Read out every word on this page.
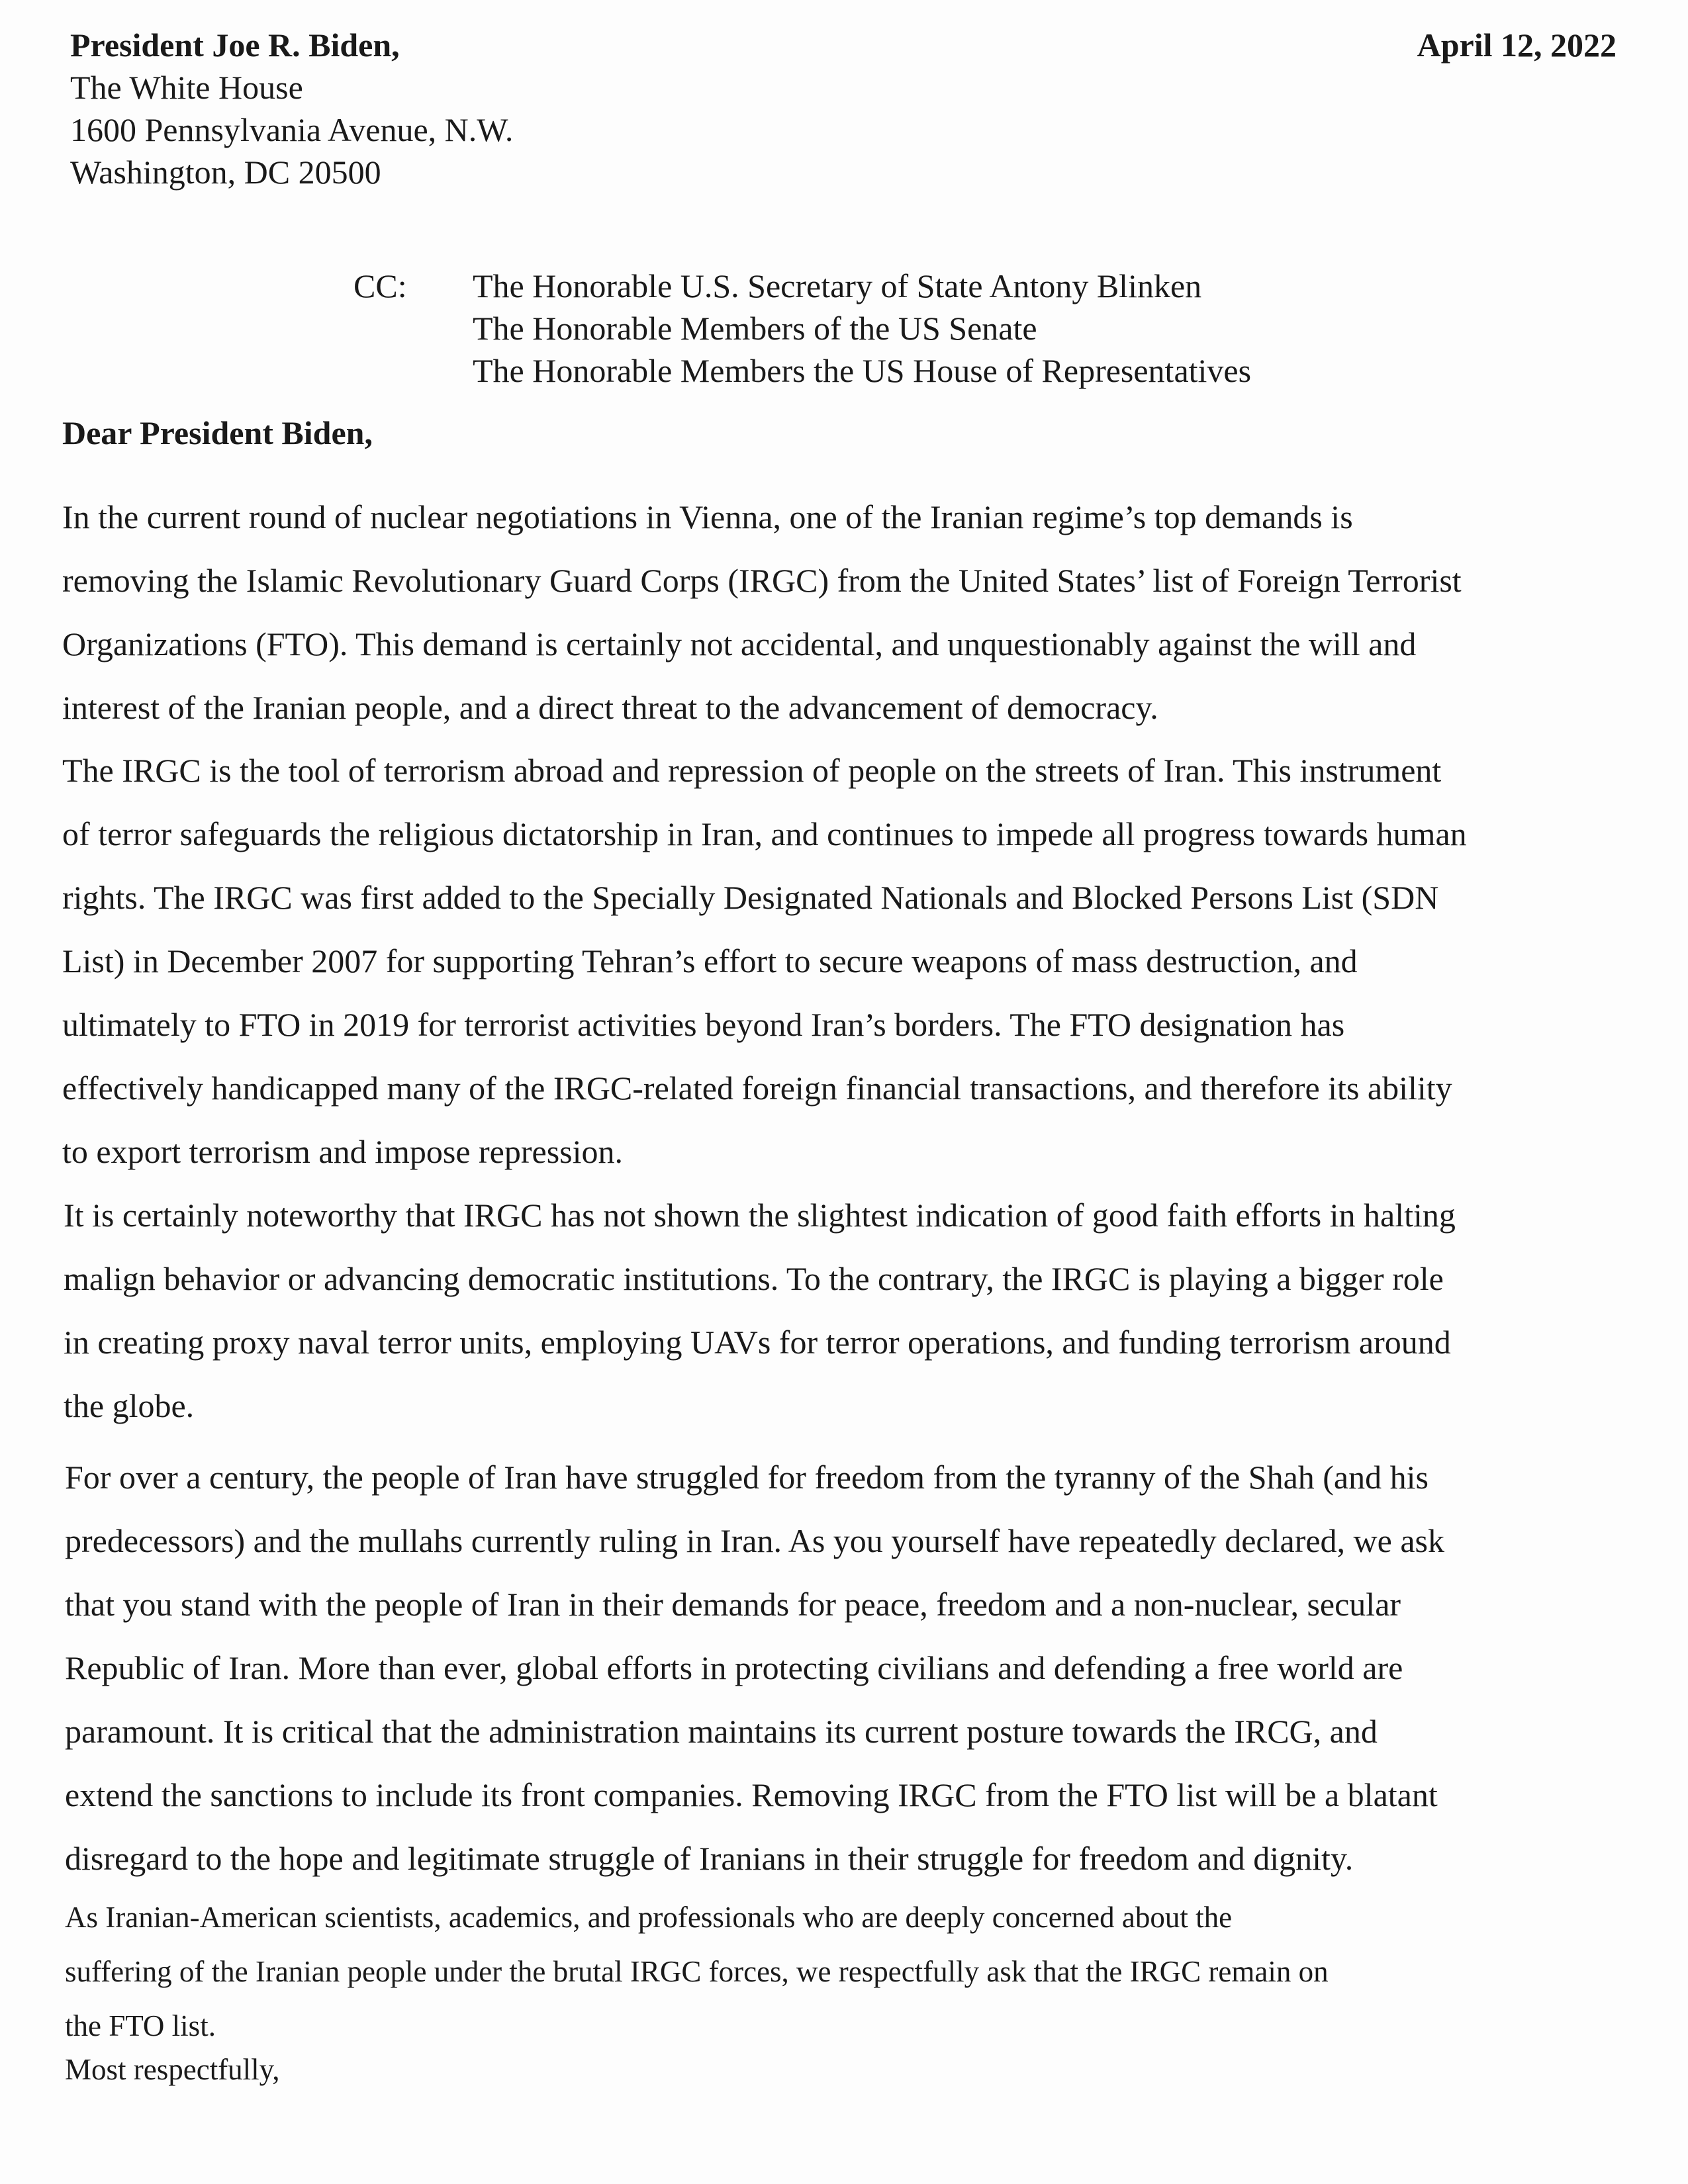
President Joe R. Biden,
The White House
1600 Pennsylvania Avenue, N.W.
Washington, DC 20500
April 12, 2022
CC: The Honorable U.S. Secretary of State Antony Blinken
The Honorable Members of the US Senate
The Honorable Members the US House of Representatives
Dear President Biden,
In the current round of nuclear negotiations in Vienna, one of the Iranian regime’s top demands is
removing the Islamic Revolutionary Guard Corps (IRGC) from the United States’ list of Foreign Terrorist
Organizations (FTO). This demand is certainly not accidental, and unquestionably against the will and
interest of the Iranian people, and a direct threat to the advancement of democracy.
The IRGC is the tool of terrorism abroad and repression of people on the streets of Iran. This instrument
of terror safeguards the religious dictatorship in Iran, and continues to impede all progress towards human
rights. The IRGC was first added to the Specially Designated Nationals and Blocked Persons List (SDN
List) in December 2007 for supporting Tehran’s effort to secure weapons of mass destruction, and
ultimately to FTO in 2019 for terrorist activities beyond Iran’s borders. The FTO designation has
effectively handicapped many of the IRGC-related foreign financial transactions, and therefore its ability
to export terrorism and impose repression.
It is certainly noteworthy that IRGC has not shown the slightest indication of good faith efforts in halting
malign behavior or advancing democratic institutions. To the contrary, the IRGC is playing a bigger role
in creating proxy naval terror units, employing UAVs for terror operations, and funding terrorism around
the globe.
For over a century, the people of Iran have struggled for freedom from the tyranny of the Shah (and his
predecessors) and the mullahs currently ruling in Iran. As you yourself have repeatedly declared, we ask
that you stand with the people of Iran in their demands for peace, freedom and a non-nuclear, secular
Republic of Iran. More than ever, global efforts in protecting civilians and defending a free world are
paramount. It is critical that the administration maintains its current posture towards the IRCG, and
extend the sanctions to include its front companies. Removing IRGC from the FTO list will be a blatant
disregard to the hope and legitimate struggle of Iranians in their struggle for freedom and dignity.
As Iranian-American scientists, academics, and professionals who are deeply concerned about the
suffering of the Iranian people under the brutal IRGC forces, we respectfully ask that the IRGC remain on
the FTO list.
Most respectfully,
